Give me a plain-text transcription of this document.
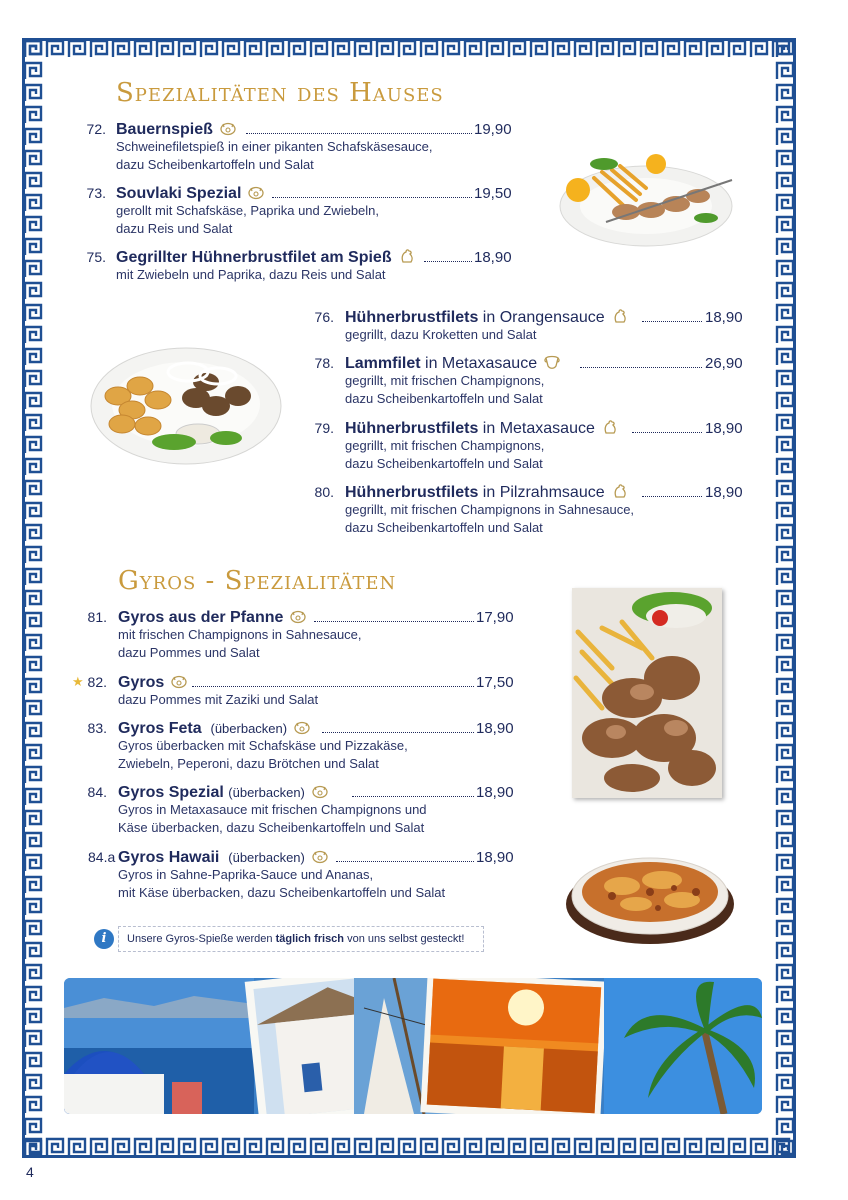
Spezialitäten des Hauses
72. Bauernspieß	19,90
Schweinefiletspieß in einer pikanten Schafskäsesauce,
dazu Scheibenkartoffeln und Salat
73. Souvlaki Spezial	19,50
gerollt mit Schafskäse, Paprika und Zwiebeln,
dazu Reis und Salat
75. Gegrillter Hühnerbrustfilet am Spieß	18,90
mit Zwiebeln und Paprika, dazu Reis und Salat
76. Hühnerbrustfilets in Orangensauce	18,90
gegrillt, dazu Kroketten und Salat
78. Lammfilet in Metaxasauce	26,90
gegrillt, mit frischen Champignons,
dazu Scheibenkartoffeln und Salat
79. Hühnerbrustfilets in Metaxasauce	18,90
gegrillt, mit frischen Champignons,
dazu Scheibenkartoffeln und Salat
80. Hühnerbrustfilets in Pilzrahmsauce	18,90
gegrillt, mit frischen Champignons in Sahnesauce,
dazu Scheibenkartoffeln und Salat
Gyros - Spezialitäten
81. Gyros aus der Pfanne	17,90
mit frischen Champignons in Sahnesauce,
dazu Pommes und Salat
★ 82. Gyros	17,50
dazu Pommes mit Zaziki und Salat
83. Gyros Feta (überbacken)	18,90
Gyros überbacken mit Schafskäse und Pizzakäse,
Zwiebeln, Peperoni, dazu Brötchen und Salat
84. Gyros Spezial (überbacken)	18,90
Gyros in Metaxasauce mit frischen Champignons und
Käse überbacken, dazu Scheibenkartoffeln und Salat
84.a Gyros Hawaii (überbacken)	18,90
Gyros in Sahne-Paprika-Sauce und Ananas,
mit Käse überbacken, dazu Scheibenkartoffeln und Salat
i	Unsere Gyros-Spieße werden täglich frisch von uns selbst gesteckt!
4
